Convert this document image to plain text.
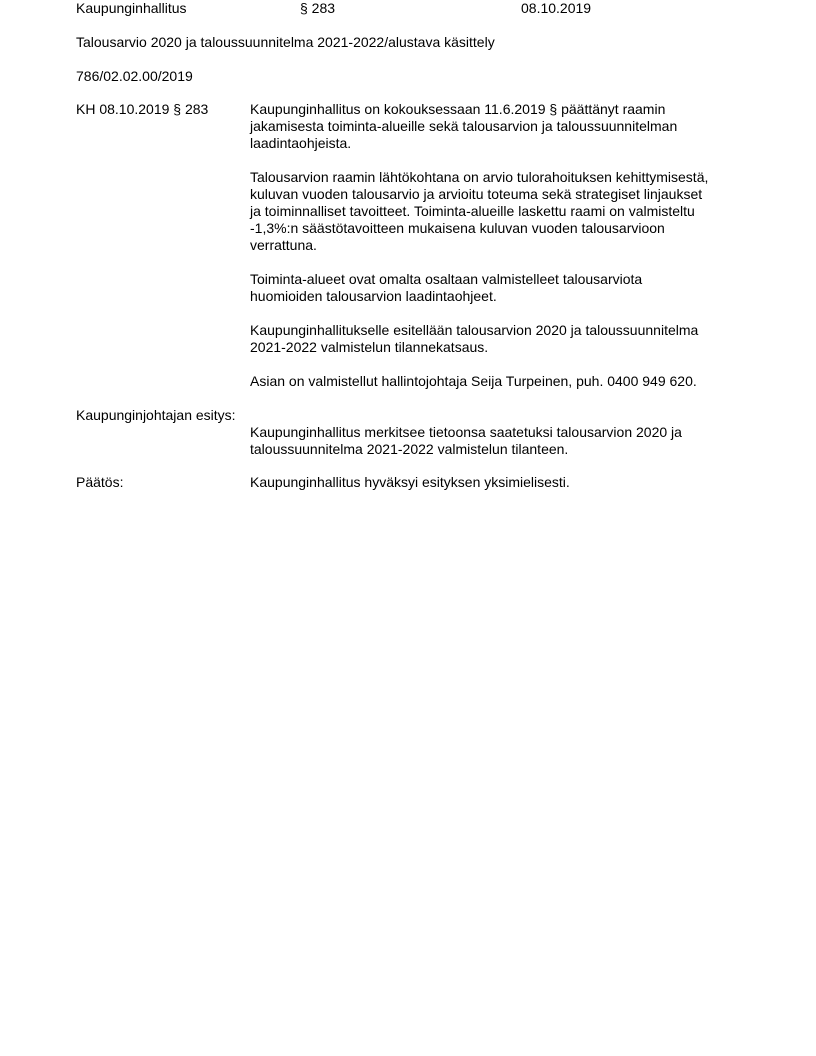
Kaupunginhallitus	§ 283	08.10.2019
Talousarvio 2020 ja taloussuunnitelma 2021-2022/alustava käsittely
786/02.02.00/2019
KH 08.10.2019 § 283	Kaupunginhallitus on kokouksessaan 11.6.2019 § päättänyt raamin
jakamisesta toiminta-alueille sekä talousarvion ja taloussuunnitelman
laadintaohjeista.

Talousarvion raamin lähtökohtana on arvio tulorahoituksen kehittymisestä,
kuluvan vuoden talousarvio ja arvioitu toteuma sekä strategiset linjaukset
ja toiminnalliset tavoitteet. Toiminta-alueille laskettu raami on valmisteltu
-1,3%:n säästötavoitteen mukaisena kuluvan vuoden talousarvioon
verrattuna.

Toiminta-alueet ovat omalta osaltaan valmistelleet talousarviota
huomioiden talousarvion laadintaohjeet.

Kaupunginhallitukselle esitellään talousarvion 2020 ja taloussuunnitelma
2021-2022 valmistelun tilannekatsaus.

Asian on valmistellut hallintojohtaja Seija Turpeinen, puh. 0400 949 620.

Kaupunginjohtajan esitys:

Kaupunginhallitus merkitsee tietoonsa saatetuksi talousarvion 2020 ja
taloussuunnitelma 2021-2022 valmistelun tilanteen.

Päätös:	Kaupunginhallitus hyväksyi esityksen yksimielisesti.
